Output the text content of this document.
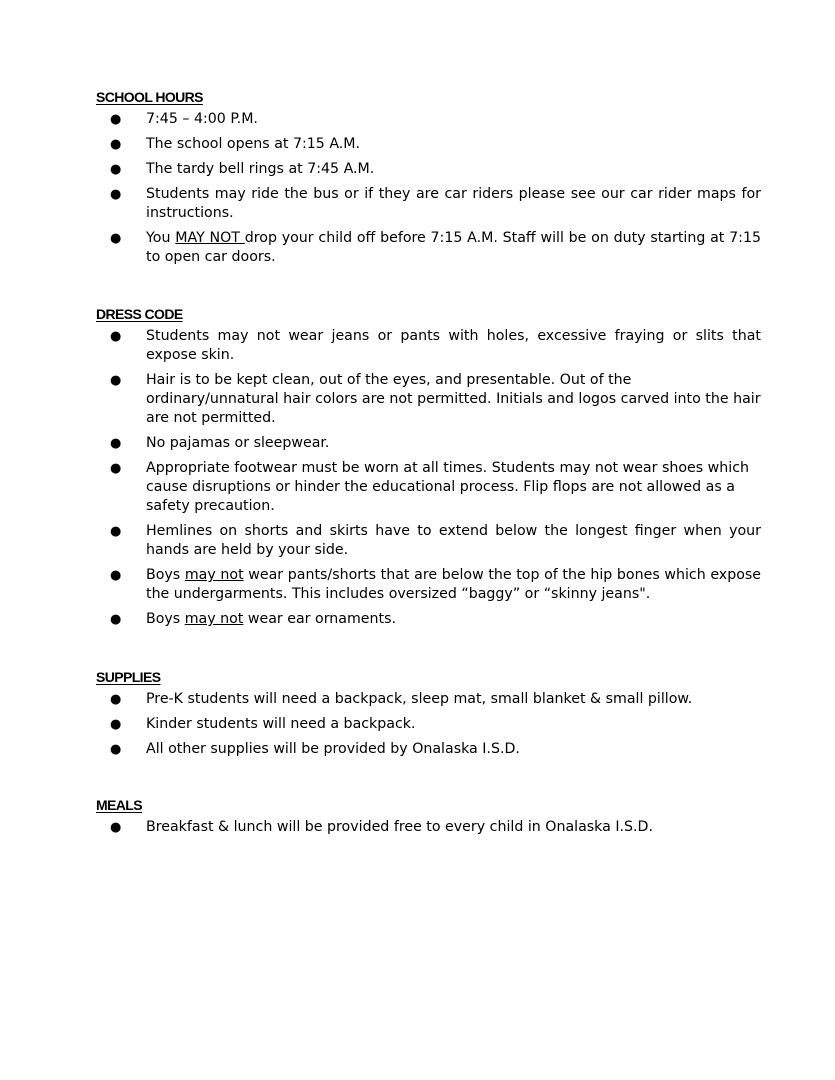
SCHOOL HOURS
● 7:45 – 4:00 P.M.
● The school opens at 7:15 A.M.
● The tardy bell rings at 7:45 A.M.
● Students may ride the bus or if they are car riders please see our car rider maps for instructions.
● You MAY NOT drop your child off before 7:15 A.M. Staff will be on duty starting at 7:15 to open car doors.
DRESS CODE
● Students may not wear jeans or pants with holes, excessive fraying or slits that expose skin.
● Hair is to be kept clean, out of the eyes, and presentable. Out of the ordinary/unnatural hair colors are not permitted. Initials and logos carved into the hair are not permitted.
● No pajamas or sleepwear.
● Appropriate footwear must be worn at all times. Students may not wear shoes which cause disruptions or hinder the educational process. Flip flops are not allowed as a safety precaution.
● Hemlines on shorts and skirts have to extend below the longest finger when your hands are held by your side.
● Boys may not wear pants/shorts that are below the top of the hip bones which expose the undergarments. This includes oversized “baggy” or “skinny jeans".
● Boys may not wear ear ornaments.
SUPPLIES
● Pre-K students will need a backpack, sleep mat, small blanket & small pillow.
● Kinder students will need a backpack.
● All other supplies will be provided by Onalaska I.S.D.
MEALS
● Breakfast & lunch will be provided free to every child in Onalaska I.S.D.
